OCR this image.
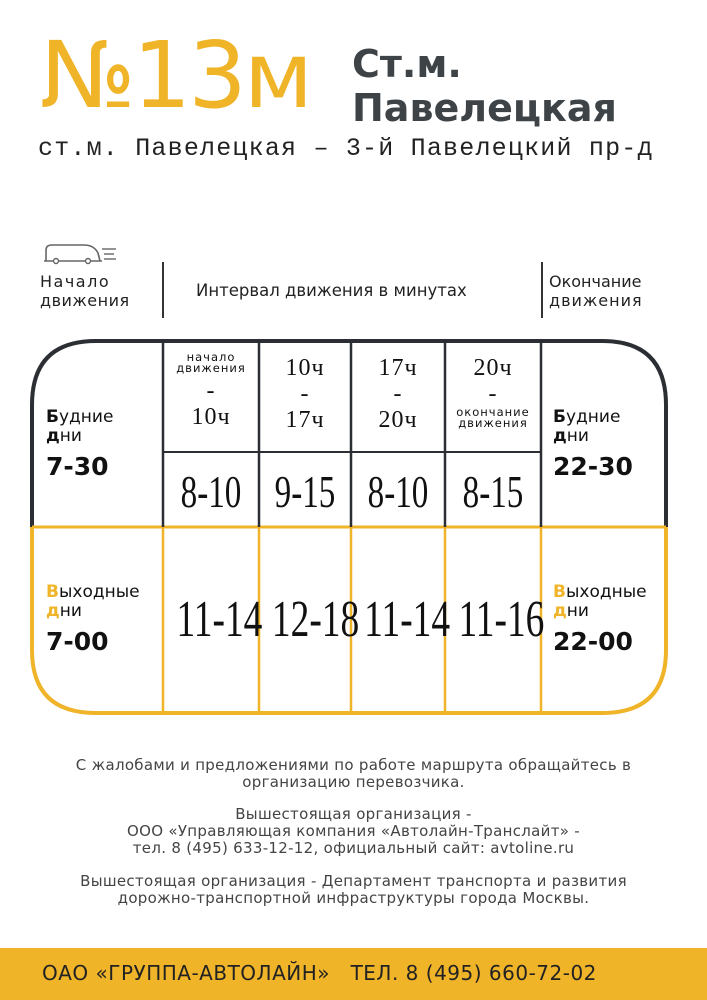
№13м Ст.м.
Павелецкая
ст.м. Павелецкая – 3-й Павелецкий пр-д
Начало
движения
Интервал движения в минутах	Окончание
движения
Будние
дни
7-30
начало движения
-
10ч
10ч
-
17ч
17ч
-
20ч
20ч
-
окончание движения
8-10 9-15 8-10 8-15
Будние
дни
22-30
Выходные
дни
7-00 11-14 12-18 11-14 11-16 Выходные
дни
22-00
С жалобами и предложениями по работе маршрута обращайтесь в
организацию перевозчика.
Вышестоящая организация -
ООО «Управляющая компания «Автолайн-Транслайт» -
тел. 8 (495) 633-12-12, официальный сайт: avtoline.ru
Вышестоящая организация - Департамент транспорта и развития
дорожно-транспортной инфраструктуры города Москвы.
ОАО «ГРУППА-АВТОЛАЙН»   ТЕЛ. 8 (495) 660-72-02
